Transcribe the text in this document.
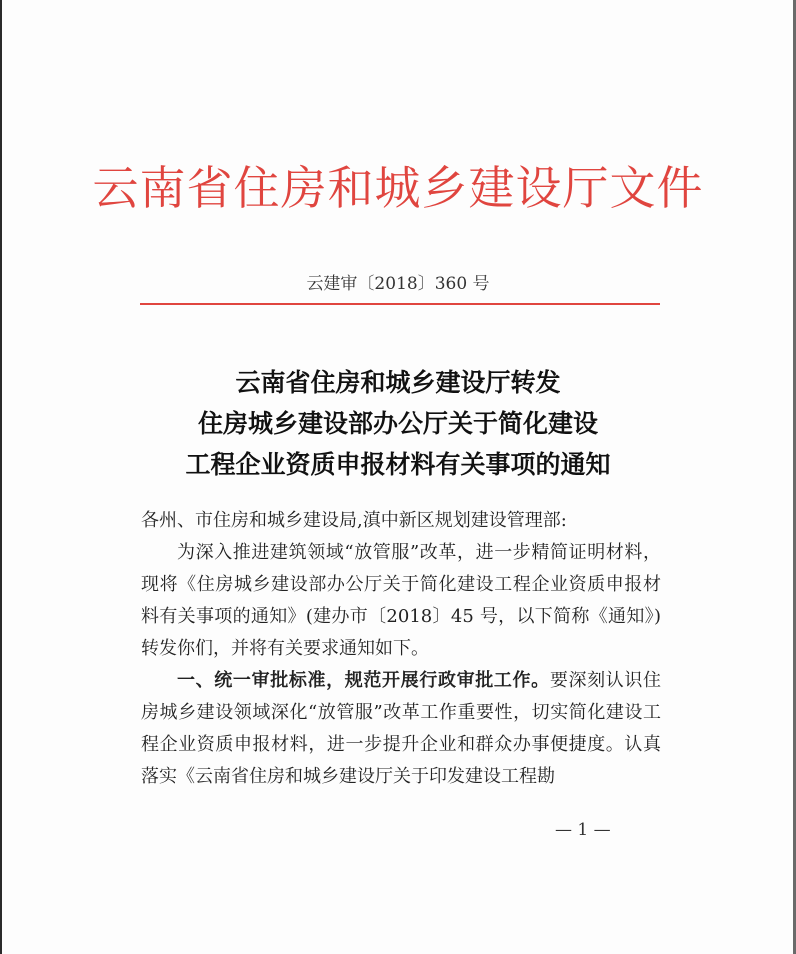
云南省住房和城乡建设厅文件
云建审〔2018〕360 号
云南省住房和城乡建设厅转发
住房城乡建设部办公厅关于简化建设
工程企业资质申报材料有关事项的通知

各州、市住房和城乡建设局,滇中新区规划建设管理部:

为深入推进建筑领域“放管服”改革，进一步精简证明材料，现将《住房城乡建设部办公厅关于简化建设工程企业资质申报材料有关事项的通知》(建办市〔2018〕45 号，以下简称《通知》) 转发你们，并将有关要求通知如下。

一、统一审批标准，规范开展行政审批工作。要深刻认识住房城乡建设领域深化“放管服”改革工作重要性，切实简化建设工程企业资质申报材料，进一步提升企业和群众办事便捷度。认真落实《云南省住房和城乡建设厅关于印发建设工程勘

— 1 —
